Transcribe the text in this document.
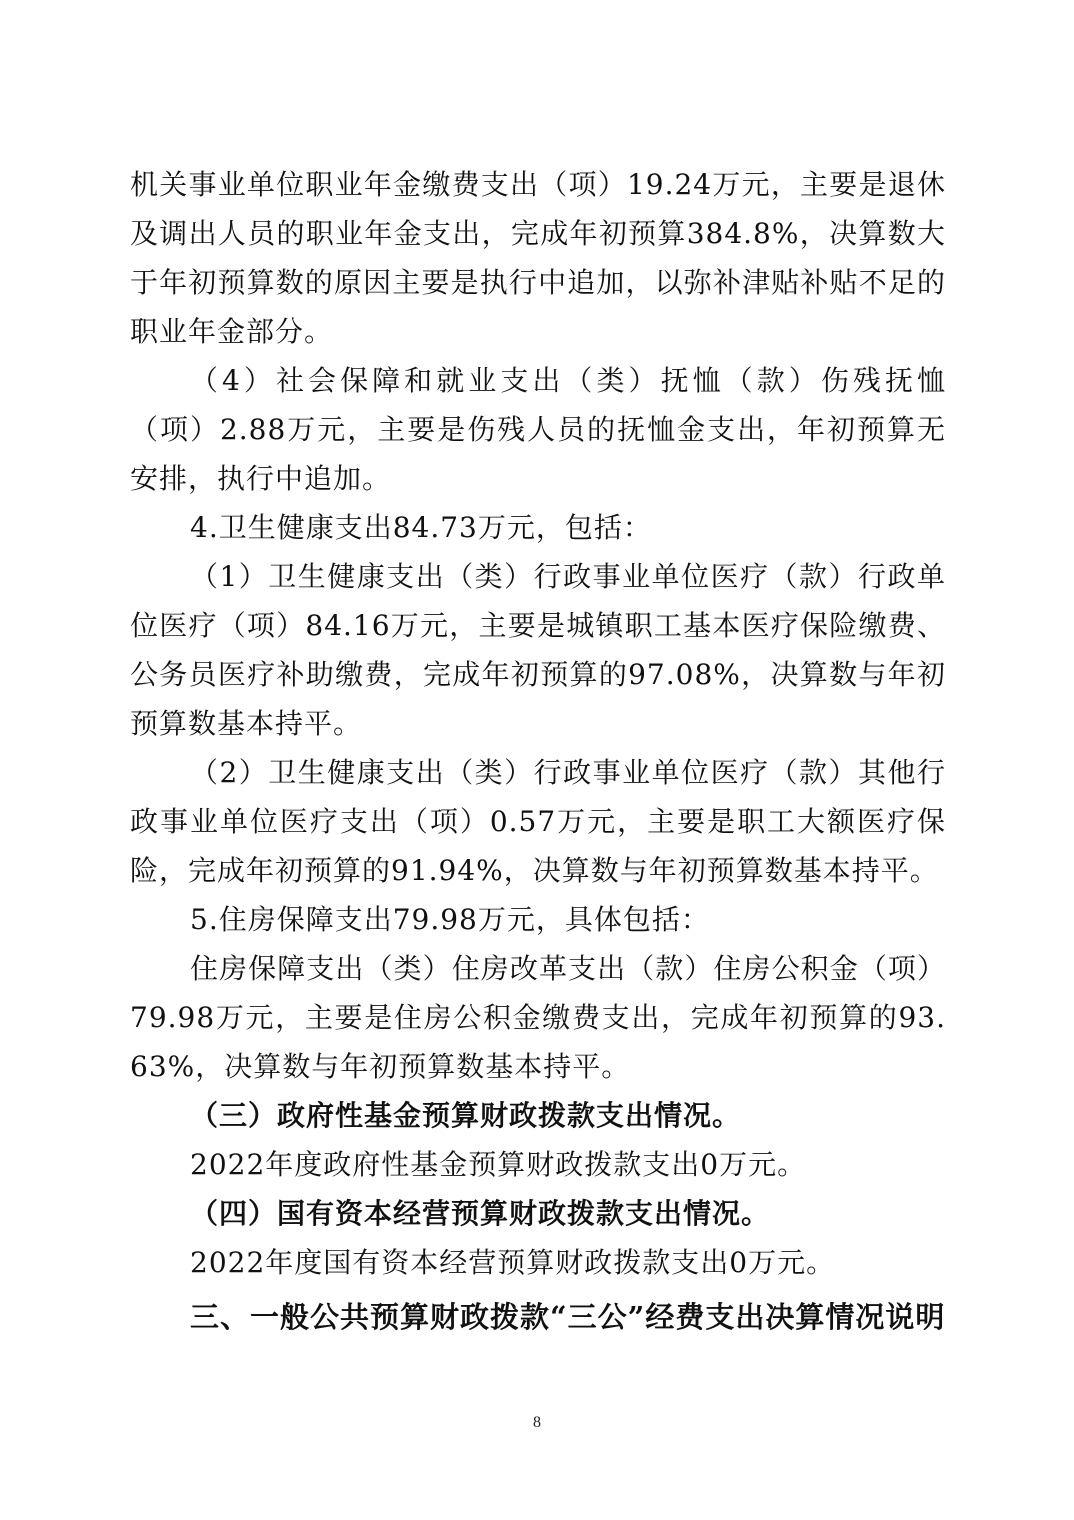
机关事业单位职业年金缴费支出（项）19.24万元，主要是退休及调出人员的职业年金支出，完成年初预算384.8%，决算数大于年初预算数的原因主要是执行中追加，以弥补津贴补贴不足的职业年金部分。

（4）社会保障和就业支出（类）抚恤（款）伤残抚恤（项）2.88万元，主要是伤残人员的抚恤金支出，年初预算无安排，执行中追加。

4.卫生健康支出84.73万元，包括：

（1）卫生健康支出（类）行政事业单位医疗（款）行政单位医疗（项）84.16万元，主要是城镇职工基本医疗保险缴费、公务员医疗补助缴费，完成年初预算的97.08%，决算数与年初预算数基本持平。

（2）卫生健康支出（类）行政事业单位医疗（款）其他行政事业单位医疗支出（项）0.57万元，主要是职工大额医疗保险，完成年初预算的91.94%，决算数与年初预算数基本持平。

5.住房保障支出79.98万元，具体包括：

住房保障支出（类）住房改革支出（款）住房公积金（项）79.98万元，主要是住房公积金缴费支出，完成年初预算的93.63%，决算数与年初预算数基本持平。

（三）政府性基金预算财政拨款支出情况。

2022年度政府性基金预算财政拨款支出0万元。

（四）国有资本经营预算财政拨款支出情况。

2022年度国有资本经营预算财政拨款支出0万元。

三、一般公共预算财政拨款“三公”经费支出决算情况说明

8
